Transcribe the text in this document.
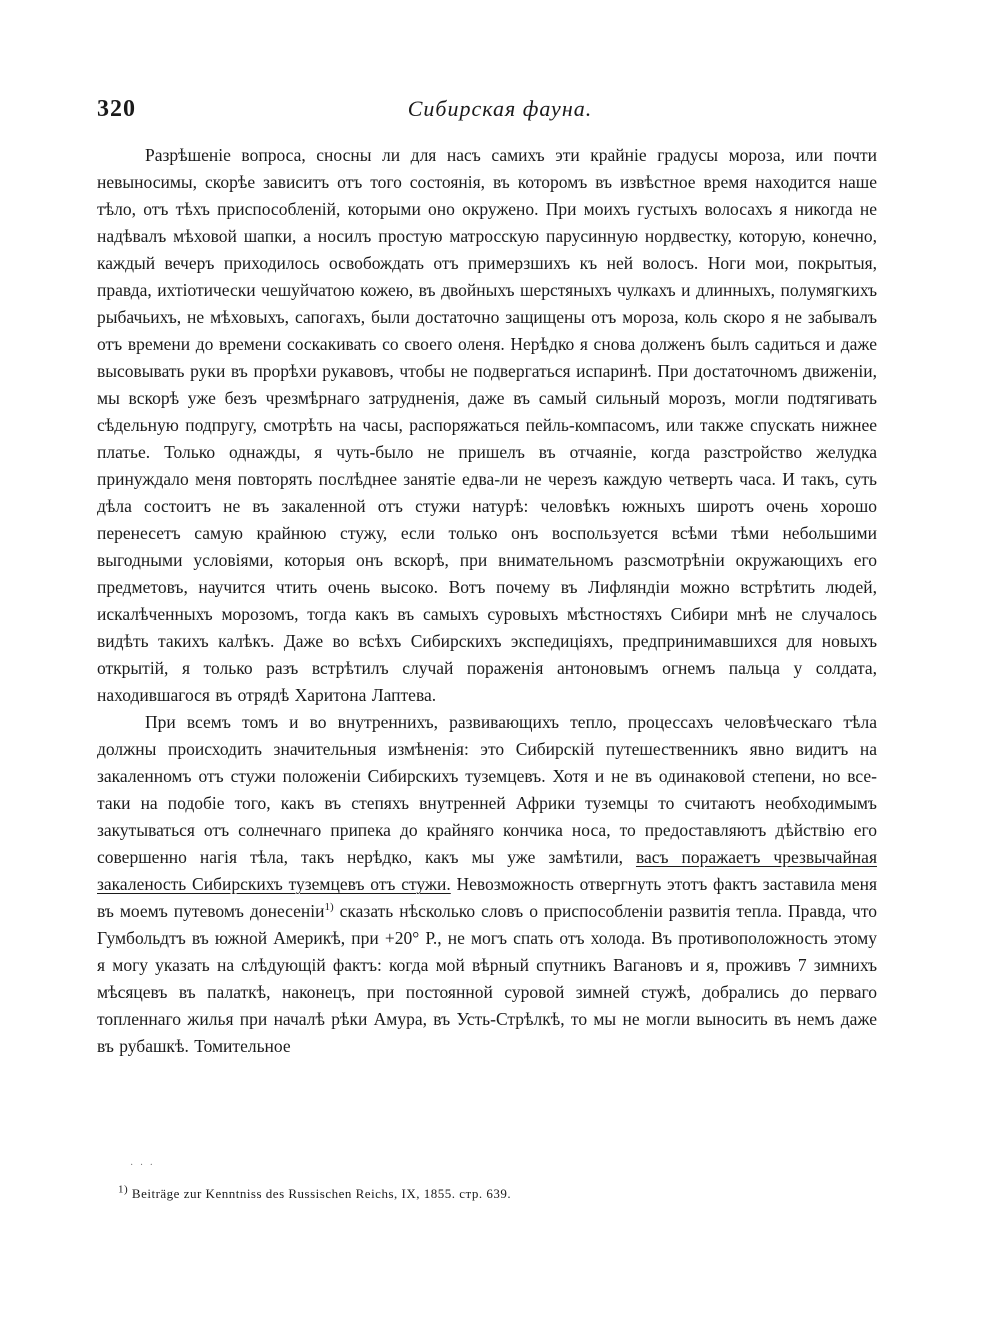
320	Сибирская фауна.

Разрѣшеніе вопроса, сносны ли для насъ самихъ эти крайніе градусы мороза, или почти невыносимы, скорѣе зависитъ отъ того состоянія, въ которомъ въ извѣстное время находится наше тѣло, отъ тѣхъ приспособленій, которыми оно окружено. При моихъ густыхъ волосахъ я никогда не надѣвалъ мѣховой шапки, а носилъ простую матросскую парусинную нордвестку, которую, конечно, каждый вечеръ приходилось освобождать отъ примерзшихъ къ ней волосъ. Ноги мои, покрытыя, правда, ихтіотически чешуйчатою кожею, въ двойныхъ шерстяныхъ чулкахъ и длинныхъ, полумягкихъ рыбачьихъ, не мѣховыхъ, сапогахъ, были достаточно защищены отъ мороза, коль скоро я не забывалъ отъ времени до времени соскакивать со своего оленя. Нерѣдко я снова долженъ былъ садиться и даже высовывать руки въ прорѣхи рукавовъ, чтобы не подвергаться испаринѣ. При достаточномъ движеніи, мы вскорѣ уже безъ чрезмѣрнаго затрудненія, даже въ самый сильный морозъ, могли подтягивать сѣдельную подпругу, смотрѣть на часы, распоряжаться пейль-компасомъ, или также спускать нижнее платье. Только однажды, я чуть-было не пришелъ въ отчаяніе, когда разстройство желудка принуждало меня повторять послѣднее занятіе едва-ли не черезъ каждую четверть часа. И такъ, суть дѣла состоитъ не въ закаленной отъ стужи натурѣ: человѣкъ южныхъ широтъ очень хорошо перенесетъ самую крайнюю стужу, если только онъ воспользуется всѣми тѣми небольшими выгодными условіями, которыя онъ вскорѣ, при внимательномъ разсмотрѣніи окружающихъ его предметовъ, научится чтить очень высоко. Вотъ почему въ Лифляндіи можно встрѣтить людей, искалѣченныхъ морозомъ, тогда какъ въ самыхъ суровыхъ мѣстностяхъ Сибири мнѣ не случалось видѣть такихъ калѣкъ. Даже во всѣхъ Сибирскихъ экспедиціяхъ, предпринимавшихся для новыхъ открытій, я только разъ встрѣтилъ случай пораженія антоновымъ огнемъ пальца у солдата, находившагося въ отрядѣ Харитона Лаптева.

При всемъ томъ и во внутреннихъ, развивающихъ тепло, процессахъ человѣческаго тѣла должны происходить значительныя измѣненія: это Сибирскій путешественникъ явно видитъ на закаленномъ отъ стужи положеніи Сибирскихъ туземцевъ. Хотя и не въ одинаковой степени, но все-таки на подобіе того, какъ въ степяхъ внутренней Африки туземцы то считаютъ необходимымъ закутываться отъ солнечнаго припека до крайняго кончика носа, то предоставляютъ дѣйствію его совершенно нагія тѣла, такъ нерѣдко, какъ мы уже замѣтили, васъ поражаетъ чрезвычайная закаленость Сибирскихъ туземцевъ отъ стужи. Невозможность отвергнуть этотъ фактъ заставила меня въ моемъ путевомъ донесеніи$^{1)}$ сказать нѣсколько словъ о приспособленіи развитія тепла. Правда, что Гумбольдтъ въ южной Америкѣ, при +20° Р., не могъ спать отъ холода. Въ противоположность этому я могу указать на слѣдующій фактъ: когда мой вѣрный спутникъ Вагановъ и я, проживъ 7 зимнихъ мѣсяцевъ въ палаткѣ, наконецъ, при постоянной суровой зимней стужѣ, добрались до перваго топленнаго жилья при началѣ рѣки Амура, въ Усть-Стрѣлкѣ, то мы не могли выносить въ немъ даже въ рубашкѣ. Томительное

· · ·
$^{1)}$ Beiträge zur Kenntniss des Russischen Reichs, IX, 1855. стр. 639.
